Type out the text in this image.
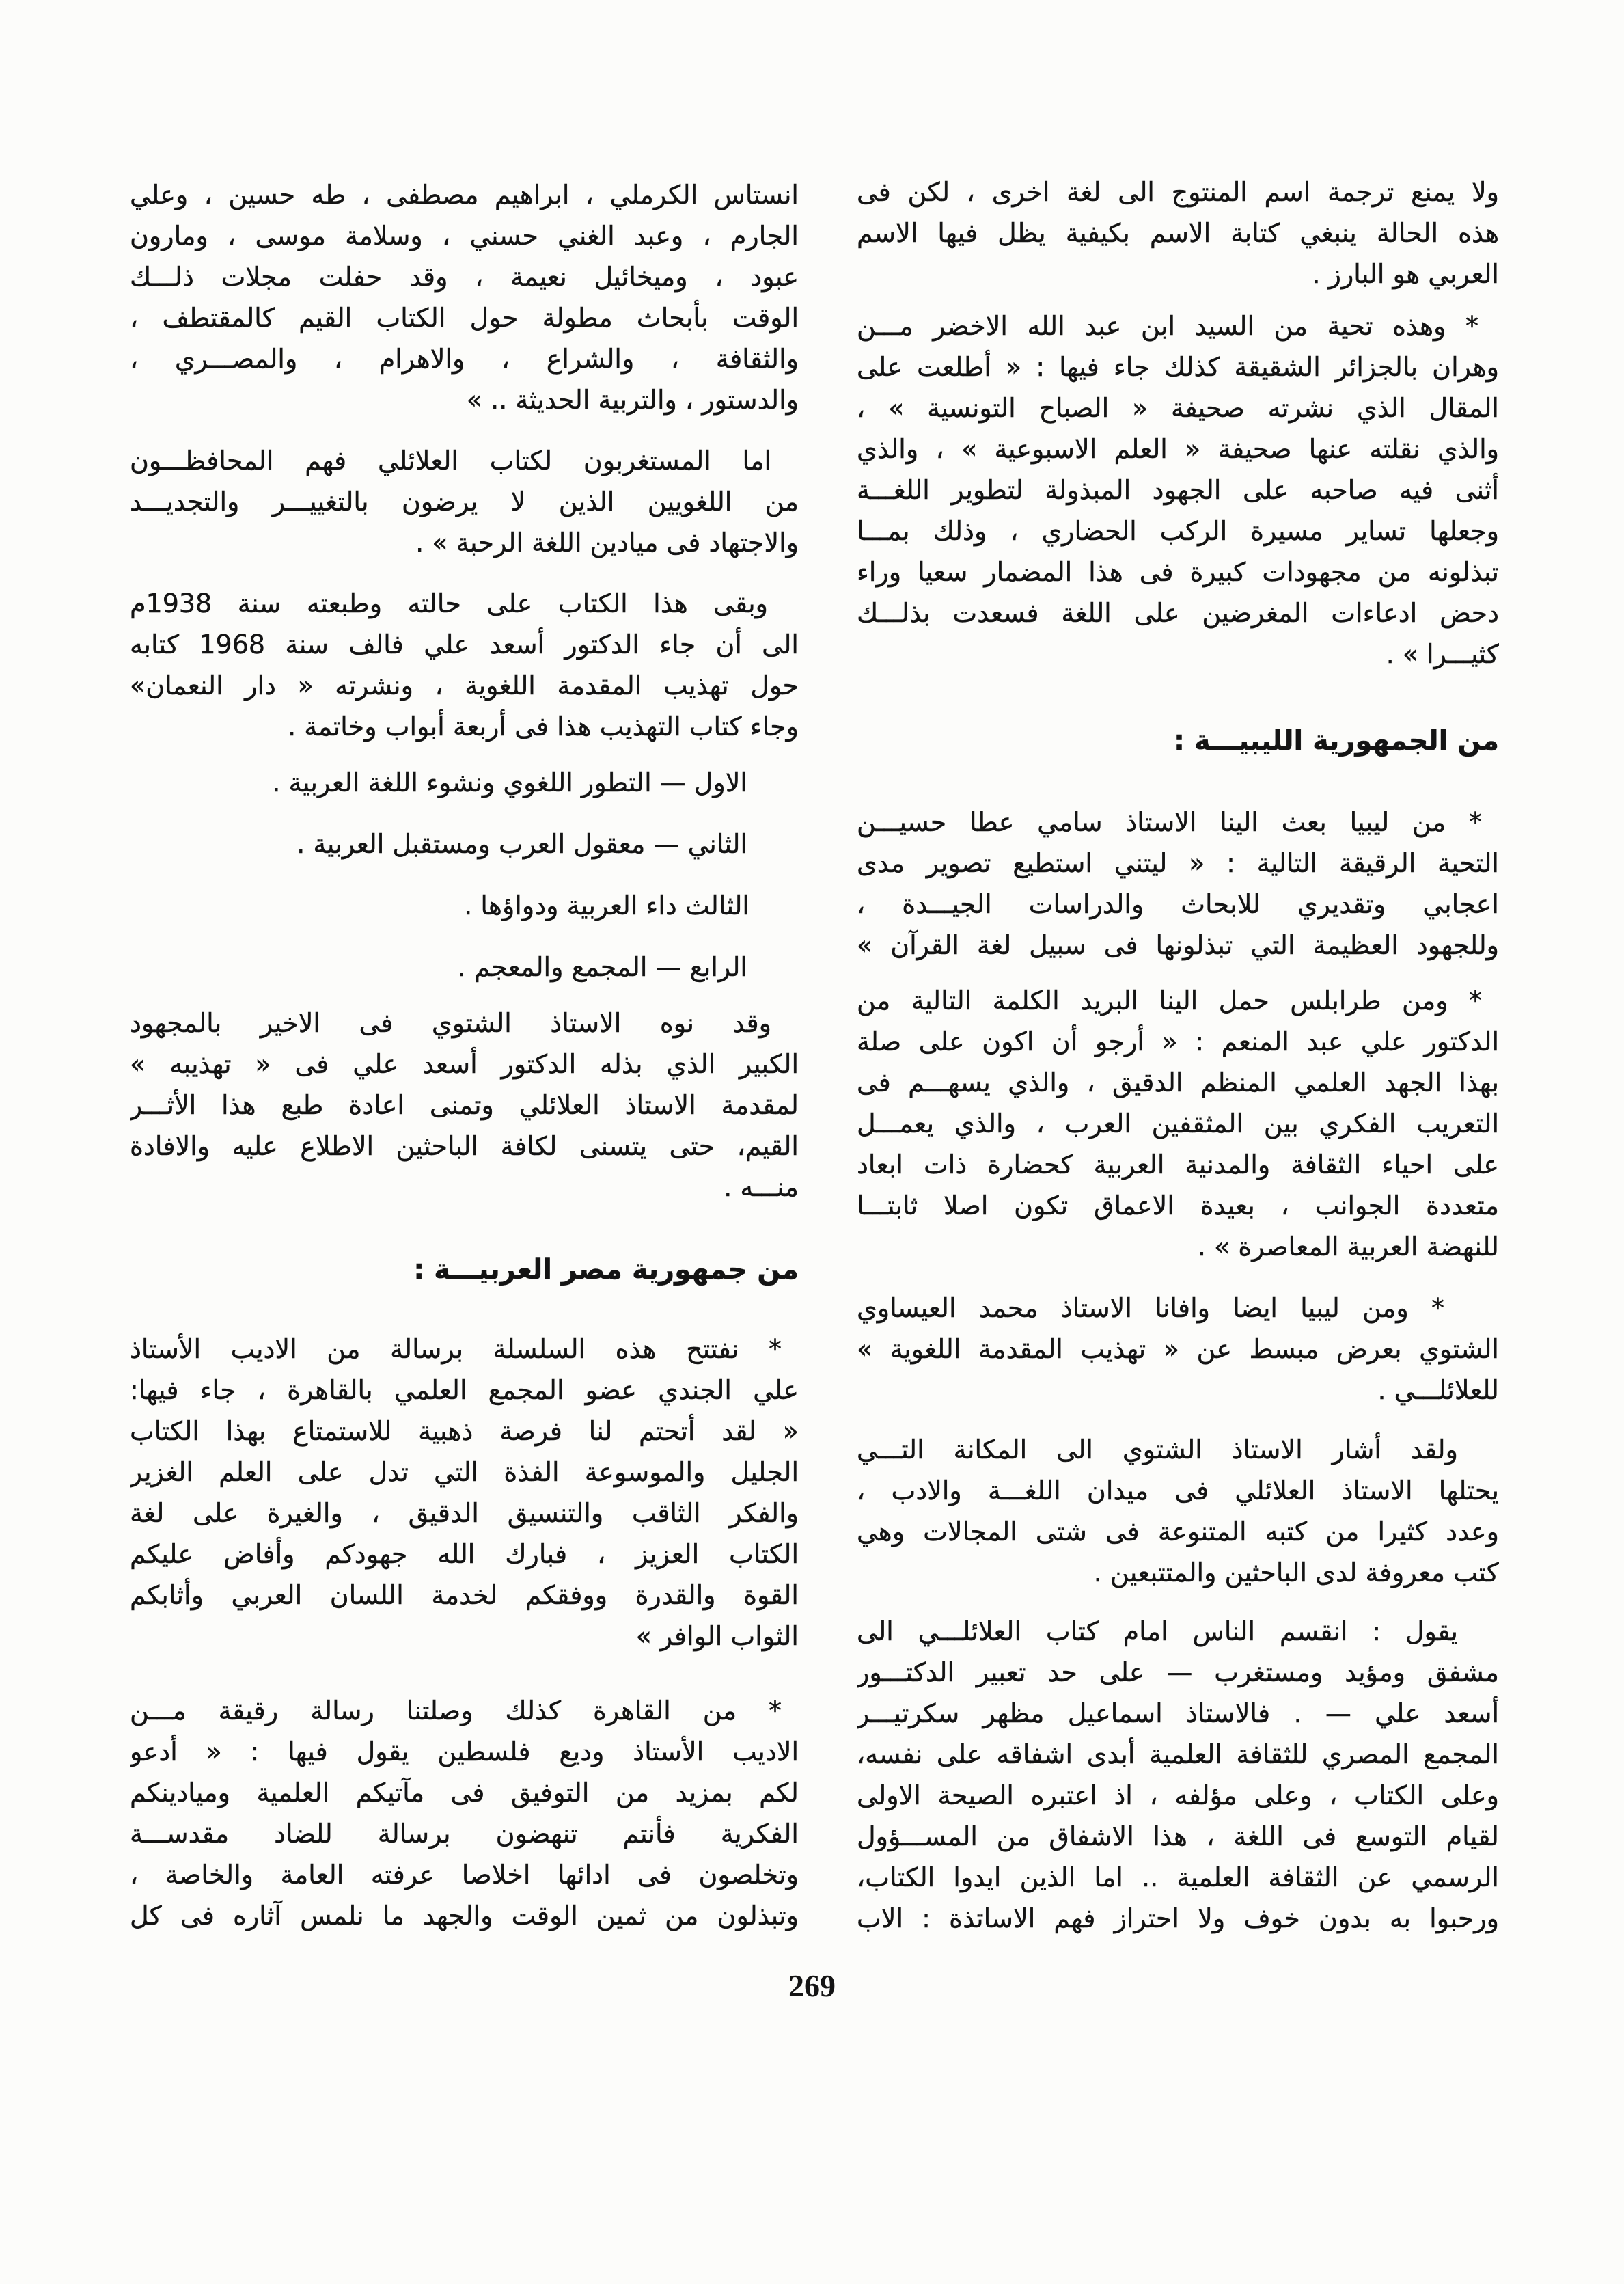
ولا يمنع ترجمة اسم المنتوج الى لغة اخرى ، لكن فى
هذه الحالة ينبغي كتابة الاسم بكيفية يظل فيها الاسم
العربي هو البارز .
* وهذه تحية من السيد ابن عبد الله الاخضر مـــن
وهران بالجزائر الشقيقة كذلك جاء فيها : « أطلعت على
المقال الذي نشرته صحيفة « الصباح التونسية » ،
والذي نقلته عنها صحيفة « العلم الاسبوعية » ، والذي
أثنى فيه صاحبه على الجهود المبذولة لتطوير اللغـــة
وجعلها تساير مسيرة الركب الحضاري ، وذلك بمـــا
تبذلونه من مجهودات كبيرة فى هذا المضمار سعيا وراء
دحض ادعاءات المغرضين على اللغة فسعدت بذلـــك
كثيـــرا » .
من الجمهورية الليبيـــة :
* من ليبيا بعث الينا الاستاذ سامي عطا حسيـــن
التحية الرقيقة التالية : « ليتني استطيع تصوير مدى
اعجابي وتقديري للابحاث والدراسات الجيـــدة ،
وللجهود العظيمة التي تبذلونها فى سبيل لغة القرآن »
* ومن طرابلس حمل الينا البريد الكلمة التالية من
الدكتور علي عبد المنعم : « أرجو أن اكون على صلة
بهذا الجهد العلمي المنظم الدقيق ، والذي يسهـــم فى
التعريب الفكري بين المثقفين العرب ، والذي يعمـــل
على احياء الثقافة والمدنية العربية كحضارة ذات ابعاد
متعددة الجوانب ، بعيدة الاعماق تكون اصلا ثابتـــا
للنهضة العربية المعاصرة » .
* ومن ليبيا ايضا وافانا الاستاذ محمد العيساوي
الشتوي بعرض مبسط عن « تهذيب المقدمة اللغوية »
للعلائلـــي .
ولقد أشار الاستاذ الشتوي الى المكانة التـــي
يحتلها الاستاذ العلائلي فى ميدان اللغـــة والادب ،
وعدد كثيرا من كتبه المتنوعة فى شتى المجالات وهي
كتب معروفة لدى الباحثين والمتتبعين .
يقول : انقسم الناس امام كتاب العلائلـــي الى
مشفق ومؤيد ومستغرب — على حد تعبير الدكتـــور
أسعد علي — . فالاستاذ اسماعيل مظهر سكرتيـــر
المجمع المصري للثقافة العلمية أبدى اشفاقه على نفسه،
وعلى الكتاب ، وعلى مؤلفه ، اذ اعتبره الصيحة الاولى
لقيام التوسع فى اللغة ، هذا الاشفاق من المســـؤول
الرسمي عن الثقافة العلمية .. اما الذين ايدوا الكتاب،
ورحبوا به بدون خوف ولا احتراز فهم الاساتذة : الاب
انستاس الكرملي ، ابراهيم مصطفى ، طه حسين ، وعلي
الجارم ، وعبد الغني حسني ، وسلامة موسى ، ومارون
عبود ، وميخائيل نعيمة ، وقد حفلت مجلات ذلـــك
الوقت بأبحاث مطولة حول الكتاب القيم كالمقتطف ،
والثقافة ، والشراع ، والاهرام ، والمصـــري ،
والدستور ، والتربية الحديثة .. »
اما المستغربون لكتاب العلائلي فهم المحافظـــون
من اللغويين الذين لا يرضون بالتغييـــر والتجديـــد
والاجتهاد فى ميادين اللغة الرحبة » .
وبقى هذا الكتاب على حالته وطبعته سنة 1938م
الى أن جاء الدكتور أسعد علي فالف سنة 1968 كتابه
حول تهذيب المقدمة اللغوية ، ونشرته « دار النعمان»
وجاء كتاب التهذيب هذا فى أربعة أبواب وخاتمة .
الاول — التطور اللغوي ونشوء اللغة العربية .
الثاني — معقول العرب ومستقبل العربية .
الثالث داء العربية ودواؤها .
الرابع — المجمع والمعجم .
وقد نوه الاستاذ الشتوي فى الاخير بالمجهود
الكبير الذي بذله الدكتور أسعد علي فى « تهذيبه »
لمقدمة الاستاذ العلائلي وتمنى اعادة طبع هذا الأثـــر
القيم، حتى يتسنى لكافة الباحثين الاطلاع عليه والافادة
منـــه .
من جمهورية مصر العربيـــة :
* نفتتح هذه السلسلة برسالة من الاديب الأستاذ
علي الجندي عضو المجمع العلمي بالقاهرة ، جاء فيها:
« لقد أتحتم لنا فرصة ذهبية للاستمتاع بهذا الكتاب
الجليل والموسوعة الفذة التي تدل على العلم الغزير
والفكر الثاقب والتنسيق الدقيق ، والغيرة على لغة
الكتاب العزيز ، فبارك الله جهودكم وأفاض عليكم
القوة والقدرة ووفقكم لخدمة اللسان العربي وأثابكم
الثواب الوافر »
* من القاهرة كذلك وصلتنا رسالة رقيقة مـــن
الاديب الأستاذ وديع فلسطين يقول فيها : « أدعو
لكم بمزيد من التوفيق فى مآتيكم العلمية وميادينكم
الفكرية فأنتم تنهضون برسالة للضاد مقدســـة
وتخلصون فى ادائها اخلاصا عرفته العامة والخاصة ،
وتبذلون من ثمين الوقت والجهد ما نلمس آثاره فى كل
269
